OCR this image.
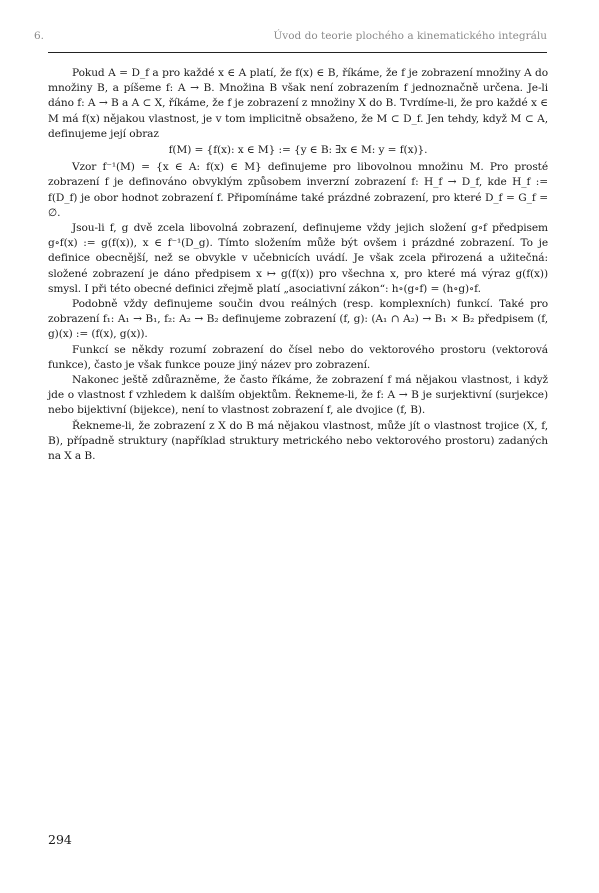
6.	Úvod do teorie plochého a kinematického integrálu

Pokud A = D_f a pro každé x ∈ A platí, že f(x) ∈ B, říkáme, že f je zobrazení množiny A do množiny B, a píšeme f: A → B. Množina B však není zobrazením f jednoznačně určena. Je-li dáno f: A → B a A ⊂ X, říkáme, že f je zobrazení z množiny X do B. Tvrdíme-li, že pro každé x ∈ M má f(x) nějakou vlastnost, je v tom implicitně obsaženo, že M ⊂ D_f. Jen tehdy, když M ⊂ A, definujeme její obraz

f(M) = {f(x): x ∈ M} := {y ∈ B: ∃x ∈ M: y = f(x)}.

Vzor f⁻¹(M) = {x ∈ A: f(x) ∈ M} definujeme pro libovolnou množinu M. Pro prosté zobrazení f je definováno obvyklým způsobem inverzní zobrazení f: H_f → D_f, kde H_f := f(D_f) je obor hodnot zobrazení f. Připomínáme také prázdné zobrazení, pro které D_f = G_f = ∅.

Jsou-li f, g dvě zcela libovolná zobrazení, definujeme vždy jejich složení g∘f předpisem g∘f(x) := g(f(x)), x ∈ f⁻¹(D_g). Tímto složením může být ovšem i prázdné zobrazení. To je definice obecnější, než se obvykle v učebnicích uvádí. Je však zcela přirozená a užitečná: složené zobrazení je dáno předpisem x ↦ g(f(x)) pro všechna x, pro které má výraz g(f(x)) smysl. I při této obecné definici zřejmě platí „asociativní zákon“: h∘(g∘f) = (h∘g)∘f.

Podobně vždy definujeme součin dvou reálných (resp. komplexních) funkcí. Také pro zobrazení f₁: A₁ → B₁, f₂: A₂ → B₂ definujeme zobrazení (f, g): (A₁ ∩ A₂) → B₁ × B₂ předpisem (f, g)(x) := (f(x), g(x)).

Funkcí se někdy rozumí zobrazení do čísel nebo do vektorového prostoru (vektorová funkce), často je však funkce pouze jiný název pro zobrazení.

Nakonec ještě zdůrazněme, že často říkáme, že zobrazení f má nějakou vlastnost, i když jde o vlastnost f vzhledem k dalším objektům. Řekneme-li, že f: A → B je surjektivní (surjekce) nebo bijektivní (bijekce), není to vlastnost zobrazení f, ale dvojice (f, B).

Řekneme-li, že zobrazení z X do B má nějakou vlastnost, může jít o vlastnost trojice (X, f, B), případně struktury (například struktury metrického nebo vektorového prostoru) zadaných na X a B.

294
